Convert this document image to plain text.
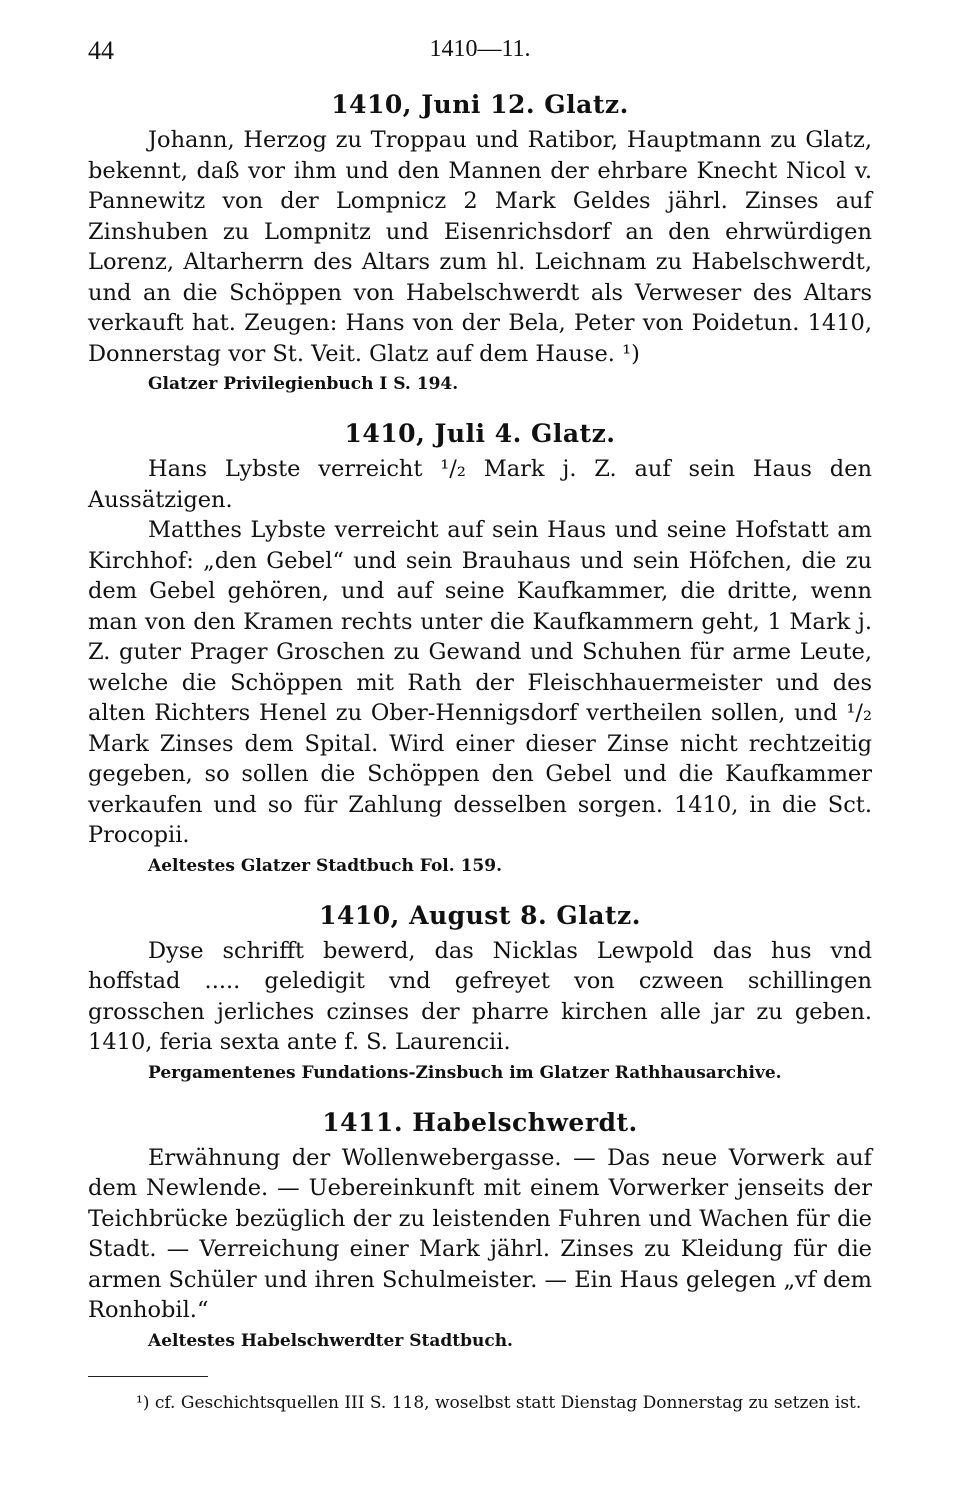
44	1410—11.
1410, Juni 12. Glatz.

Johann, Herzog zu Troppau und Ratibor, Hauptmann zu Glatz, bekennt, daß vor ihm und den Mannen der ehrbare Knecht Nicol v. Pannewitz von der Lompnicz 2 Mark Geldes jährl. Zinses auf Zinshuben zu Lompnitz und Eisenrichsdorf an den ehrwürdigen Lorenz, Altarherrn des Altars zum hl. Leichnam zu Habelschwerdt, und an die Schöppen von Habelschwerdt als Verweser des Altars verkauft hat. Zeugen: Hans von der Bela, Peter von Poidetun. 1410, Donnerstag vor St. Veit. Glatz auf dem Hause. ¹)

Glatzer Privilegienbuch I S. 194.
1410, Juli 4. Glatz.

Hans Lybste verreicht ¹/₂ Mark j. Z. auf sein Haus den Aussätzigen.

Matthes Lybste verreicht auf sein Haus und seine Hofstatt am Kirchhof: „den Gebel“ und sein Brauhaus und sein Höfchen, die zu dem Gebel gehören, und auf seine Kaufkammer, die dritte, wenn man von den Kramen rechts unter die Kaufkammern geht, 1 Mark j. Z. guter Prager Groschen zu Gewand und Schuhen für arme Leute, welche die Schöppen mit Rath der Fleischhauermeister und des alten Richters Henel zu Ober-Hennigsdorf vertheilen sollen, und ¹/₂ Mark Zinses dem Spital. Wird einer dieser Zinse nicht rechtzeitig gegeben, so sollen die Schöppen den Gebel und die Kaufkammer verkaufen und so für Zahlung desselben sorgen. 1410, in die Sct. Procopii.

Aeltestes Glatzer Stadtbuch Fol. 159.
1410, August 8. Glatz.

Dyse schrifft bewerd, das Nicklas Lewpold das hus vnd hoffstad ..... geledigit vnd gefreyet von czween schillingen grosschen jerliches czinses der pharre kirchen alle jar zu geben. 1410, feria sexta ante f. S. Laurencii.

Pergamentenes Fundations-Zinsbuch im Glatzer Rathhausarchive.
1411. Habelschwerdt.

Erwähnung der Wollenwebergasse. — Das neue Vorwerk auf dem Newlende. — Uebereinkunft mit einem Vorwerker jenseits der Teichbrücke bezüglich der zu leistenden Fuhren und Wachen für die Stadt. — Verreichung einer Mark jährl. Zinses zu Kleidung für die armen Schüler und ihren Schulmeister. — Ein Haus gelegen „vf dem Ronhobil.“

Aeltestes Habelschwerdter Stadtbuch.

¹) cf. Geschichtsquellen III S. 118, woselbst statt Dienstag Donnerstag zu setzen ist.
